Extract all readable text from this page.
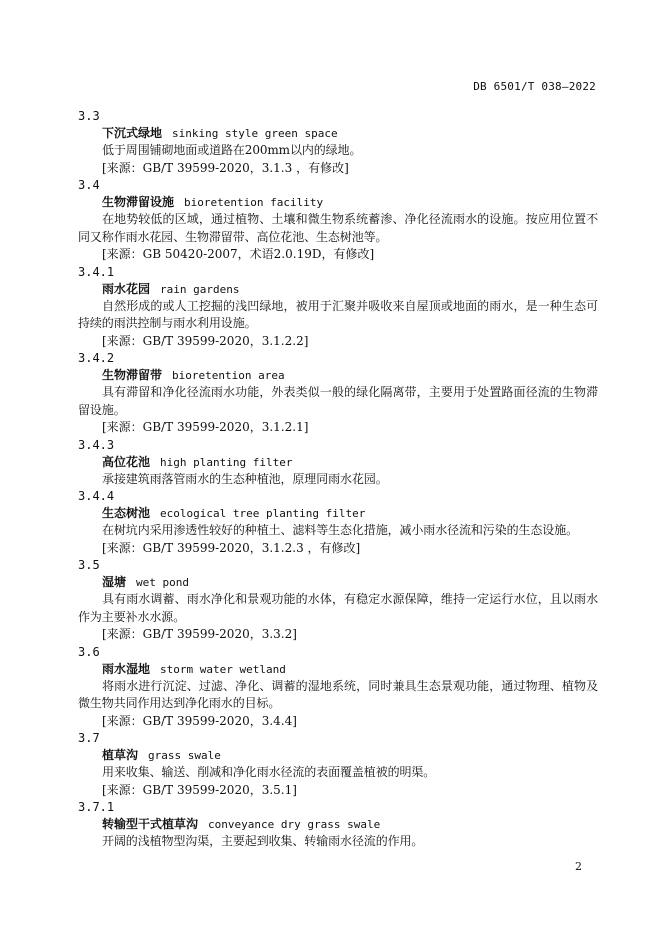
DB 6501/T 038—2022
3.3
下沉式绿地 sinking style green space
低于周围铺砌地面或道路在200mm以内的绿地。
[来源：GB/T 39599-2020，3.1.3 ，有修改]
3.4
生物滞留设施 bioretention facility
在地势较低的区域，通过植物、土壤和微生物系统蓄渗、净化径流雨水的设施。按应用位置不同又称作雨水花园、生物滞留带、高位花池、生态树池等。
[来源：GB 50420-2007，术语2.0.19D，有修改]
3.4.1
雨水花园 rain gardens
自然形成的或人工挖掘的浅凹绿地，被用于汇聚并吸收来自屋顶或地面的雨水，是一种生态可持续的雨洪控制与雨水利用设施。
[来源：GB/T 39599-2020，3.1.2.2]
3.4.2
生物滞留带 bioretention area
具有滞留和净化径流雨水功能，外表类似一般的绿化隔离带，主要用于处置路面径流的生物滞留设施。
[来源：GB/T 39599-2020，3.1.2.1]
3.4.3
高位花池 high planting filter
承接建筑雨落管雨水的生态种植池，原理同雨水花园。
3.4.4
生态树池 ecological tree planting filter
在树坑内采用渗透性较好的种植土、滤料等生态化措施，减小雨水径流和污染的生态设施。
[来源：GB/T 39599-2020，3.1.2.3 ，有修改]
3.5
湿塘 wet pond
具有雨水调蓄、雨水净化和景观功能的水体，有稳定水源保障，维持一定运行水位，且以雨水作为主要补水水源。
[来源：GB/T 39599-2020，3.3.2]
3.6
雨水湿地 storm water wetland
将雨水进行沉淀、过滤、净化、调蓄的湿地系统，同时兼具生态景观功能，通过物理、植物及微生物共同作用达到净化雨水的目标。
[来源：GB/T 39599-2020，3.4.4]
3.7
植草沟 grass swale
用来收集、输送、削减和净化雨水径流的表面覆盖植被的明渠。
[来源：GB/T 39599-2020，3.5.1]
3.7.1
转输型干式植草沟 conveyance dry grass swale
开阔的浅植物型沟渠，主要起到收集、转输雨水径流的作用。
2
